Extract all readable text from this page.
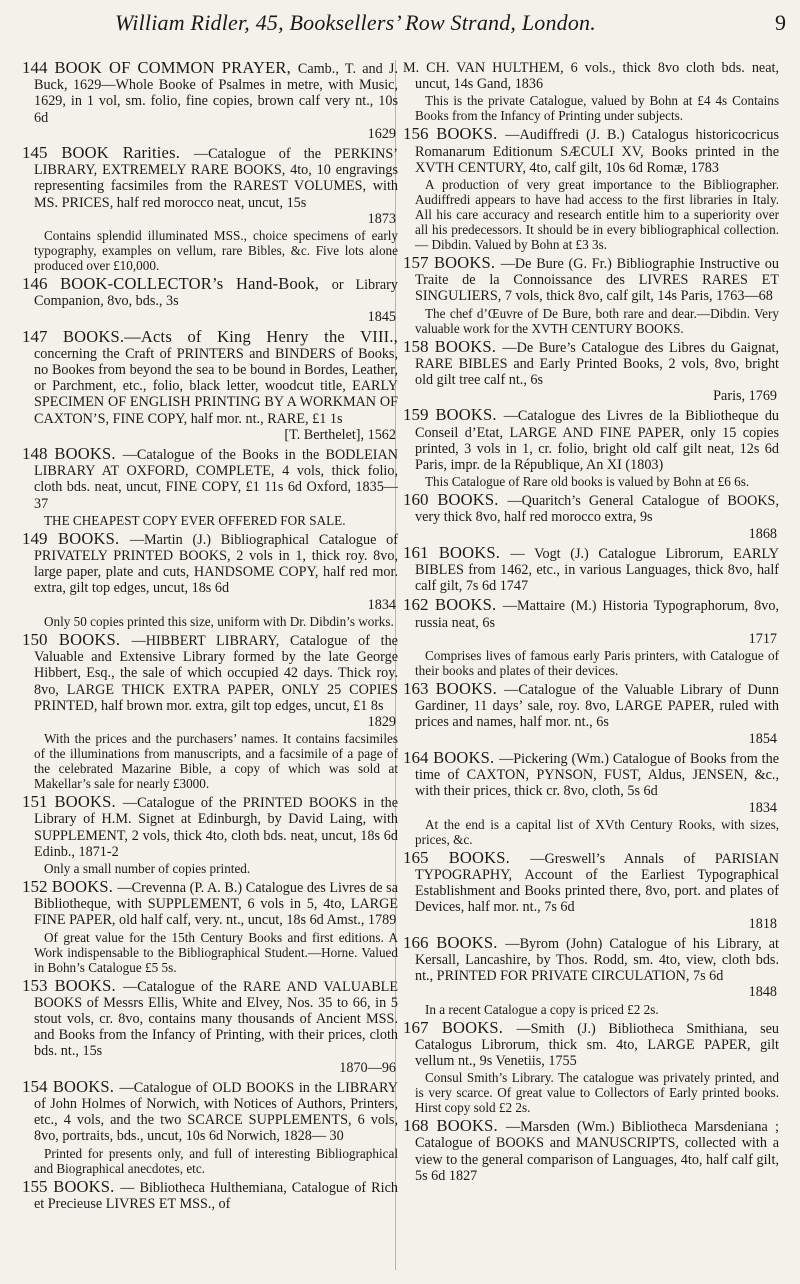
William Ridler, 45, Booksellers’ Row Strand, London.	9
144 BOOK OF COMMON PRAYER, Camb., T. and J. Buck, 1629—Whole Booke of Psalmes in metre, with Music, 1629, in 1 vol, sm. folio, fine copies, brown calf very nt., 10s 6d
1629
145 BOOK Rarities. —Catalogue of the PERKINS’ LIBRARY, EXTREMELY RARE BOOKS, 4to, 10 engravings representing facsimiles from the RAREST VOLUMES, with MS. PRICES, half red morocco neat, uncut, 15s
1873
Contains splendid illuminated MSS., choice specimens of early typography, examples on vellum, rare Bibles, &c. Five lots alone produced over £10,000.
146 BOOK-COLLECTOR’s Hand-Book, or Library Companion, 8vo, bds., 3s
1845
147 BOOKS.—Acts of King Henry the VIII., concerning the Craft of PRINTERS and BINDERS of Books, no Bookes from beyond the sea to be bound in Bordes, Leather, or Parchment, etc., folio, black letter, woodcut title, EARLY SPECIMEN OF ENGLISH PRINTING BY A WORKMAN OF CAXTON’S, FINE COPY, half mor. nt., RARE, £1 1s
[T. Berthelet], 1562
148 BOOKS. —Catalogue of the Books in the BODLEIAN LIBRARY AT OXFORD, COMPLETE, 4 vols, thick folio, cloth bds. neat, uncut, FINE COPY, £1 11s 6d Oxford, 1835—37
THE CHEAPEST COPY EVER OFFERED FOR SALE.
149 BOOKS. —Martin (J.) Bibliographical Catalogue of PRIVATELY PRINTED BOOKS, 2 vols in 1, thick roy. 8vo, large paper, plate and cuts, HANDSOME COPY, half red mor. extra, gilt top edges, uncut, 18s 6d
1834
Only 50 copies printed this size, uniform with Dr. Dibdin’s works.
150 BOOKS. —HIBBERT LIBRARY, Catalogue of the Valuable and Extensive Library formed by the late George Hibbert, Esq., the sale of which occupied 42 days. Thick roy. 8vo, LARGE THICK EXTRA PAPER, ONLY 25 COPIES PRINTED, half brown mor. extra, gilt top edges, uncut, £1 8s
1829
With the prices and the purchasers’ names. It contains facsimiles of the illuminations from manuscripts, and a facsimile of a page of the celebrated Mazarine Bible, a copy of which was sold at Makellar’s sale for nearly £3000.
151 BOOKS. —Catalogue of the PRINTED BOOKS in the Library of H.M. Signet at Edinburgh, by David Laing, with SUPPLEMENT, 2 vols, thick 4to, cloth bds. neat, uncut, 18s 6d Edinb., 1871-2
Only a small number of copies printed.
152 BOOKS. —Crevenna (P. A. B.) Catalogue des Livres de sa Bibliotheque, with SUPPLEMENT, 6 vols in 5, 4to, LARGE FINE PAPER, old half calf, very. nt., uncut, 18s 6d Amst., 1789
Of great value for the 15th Century Books and first editions. A Work indispensable to the Bibliographical Student.—Horne. Valued in Bohn’s Catalogue £5 5s.
153 BOOKS. —Catalogue of the RARE AND VALUABLE BOOKS of Messrs Ellis, White and Elvey, Nos. 35 to 66, in 5 stout vols, cr. 8vo, contains many thousands of Ancient MSS. and Books from the Infancy of Printing, with their prices, cloth bds. nt., 15s
1870—96
154 BOOKS. —Catalogue of OLD BOOKS in the LIBRARY of John Holmes of Norwich, with Notices of Authors, Printers, etc., 4 vols, and the two SCARCE SUPPLEMENTS, 6 vols, 8vo, portraits, bds., uncut, 10s 6d Norwich, 1828— 30
Printed for presents only, and full of interesting Bibliographical and Biographical anecdotes, etc.
155 BOOKS. — Bibliotheca Hulthemiana, Catalogue of Rich et Precieuse LIVRES ET MSS., of
M. CH. VAN HULTHEM, 6 vols., thick 8vo cloth bds. neat, uncut, 14s Gand, 1836
This is the private Catalogue, valued by Bohn at £4 4s Contains Books from the Infancy of Printing under subjects.
156 BOOKS. —Audiffredi (J. B.) Catalogus historicocricus Romanarum Editionum SÆCULI XV, Books printed in the XVTH CENTURY, 4to, calf gilt, 10s 6d Romæ, 1783
A production of very great importance to the Bibliographer. Audiffredi appears to have had access to the first libraries in Italy. All his care accuracy and research entitle him to a superiority over all his predecessors. It should be in every bibliographical collection. — Dibdin. Valued by Bohn at £3 3s.
157 BOOKS. —De Bure (G. Fr.) Bibliographie Instructive ou Traite de la Connoissance des LIVRES RARES ET SINGULIERS, 7 vols, thick 8vo, calf gilt, 14s Paris, 1763—68
The chef d’Œuvre of De Bure, both rare and dear.—Dibdin. Very valuable work for the XVTH CENTURY BOOKS.
158 BOOKS. —De Bure’s Catalogue des Libres du Gaignat, RARE BIBLES and Early Printed Books, 2 vols, 8vo, bright old gilt tree calf nt., 6s
Paris, 1769
159 BOOKS. —Catalogue des Livres de la Bibliotheque du Conseil d’Etat, LARGE AND FINE PAPER, only 15 copies printed, 3 vols in 1, cr. folio, bright old calf gilt neat, 12s 6d Paris, impr. de la République, An XI (1803)
This Catalogue of Rare old books is valued by Bohn at £6 6s.
160 BOOKS. —Quaritch’s General Catalogue of BOOKS, very thick 8vo, half red morocco extra, 9s
1868
161 BOOKS. — Vogt (J.) Catalogue Librorum, EARLY BIBLES from 1462, etc., in various Languages, thick 8vo, half calf gilt, 7s 6d 1747
162 BOOKS. —Mattaire (M.) Historia Typographorum, 8vo, russia neat, 6s
1717
Comprises lives of famous early Paris printers, with Catalogue of their books and plates of their devices.
163 BOOKS. —Catalogue of the Valuable Library of Dunn Gardiner, 11 days’ sale, roy. 8vo, LARGE PAPER, ruled with prices and names, half mor. nt., 6s
1854
164 BOOKS. —Pickering (Wm.) Catalogue of Books from the time of CAXTON, PYNSON, FUST, Aldus, JENSEN, &c., with their prices, thick cr. 8vo, cloth, 5s 6d
1834
At the end is a capital list of XVth Century Rooks, with sizes, prices, &c.
165 BOOKS. —Greswell’s Annals of PARISIAN TYPOGRAPHY, Account of the Earliest Typographical Establishment and Books printed there, 8vo, port. and plates of Devices, half mor. nt., 7s 6d
1818
166 BOOKS. —Byrom (John) Catalogue of his Library, at Kersall, Lancashire, by Thos. Rodd, sm. 4to, view, cloth bds. nt., PRINTED FOR PRIVATE CIRCULATION, 7s 6d
1848
In a recent Catalogue a copy is priced £2 2s.
167 BOOKS. —Smith (J.) Bibliotheca Smithiana, seu Catalogus Librorum, thick sm. 4to, LARGE PAPER, gilt vellum nt., 9s Venetiis, 1755
Consul Smith’s Library. The catalogue was privately printed, and is very scarce. Of great value to Collectors of Early printed books. Hirst copy sold £2 2s.
168 BOOKS. —Marsden (Wm.) Bibliotheca Marsdeniana ; Catalogue of BOOKS and MANUSCRIPTS, collected with a view to the general comparison of Languages, 4to, half calf gilt, 5s 6d 1827
